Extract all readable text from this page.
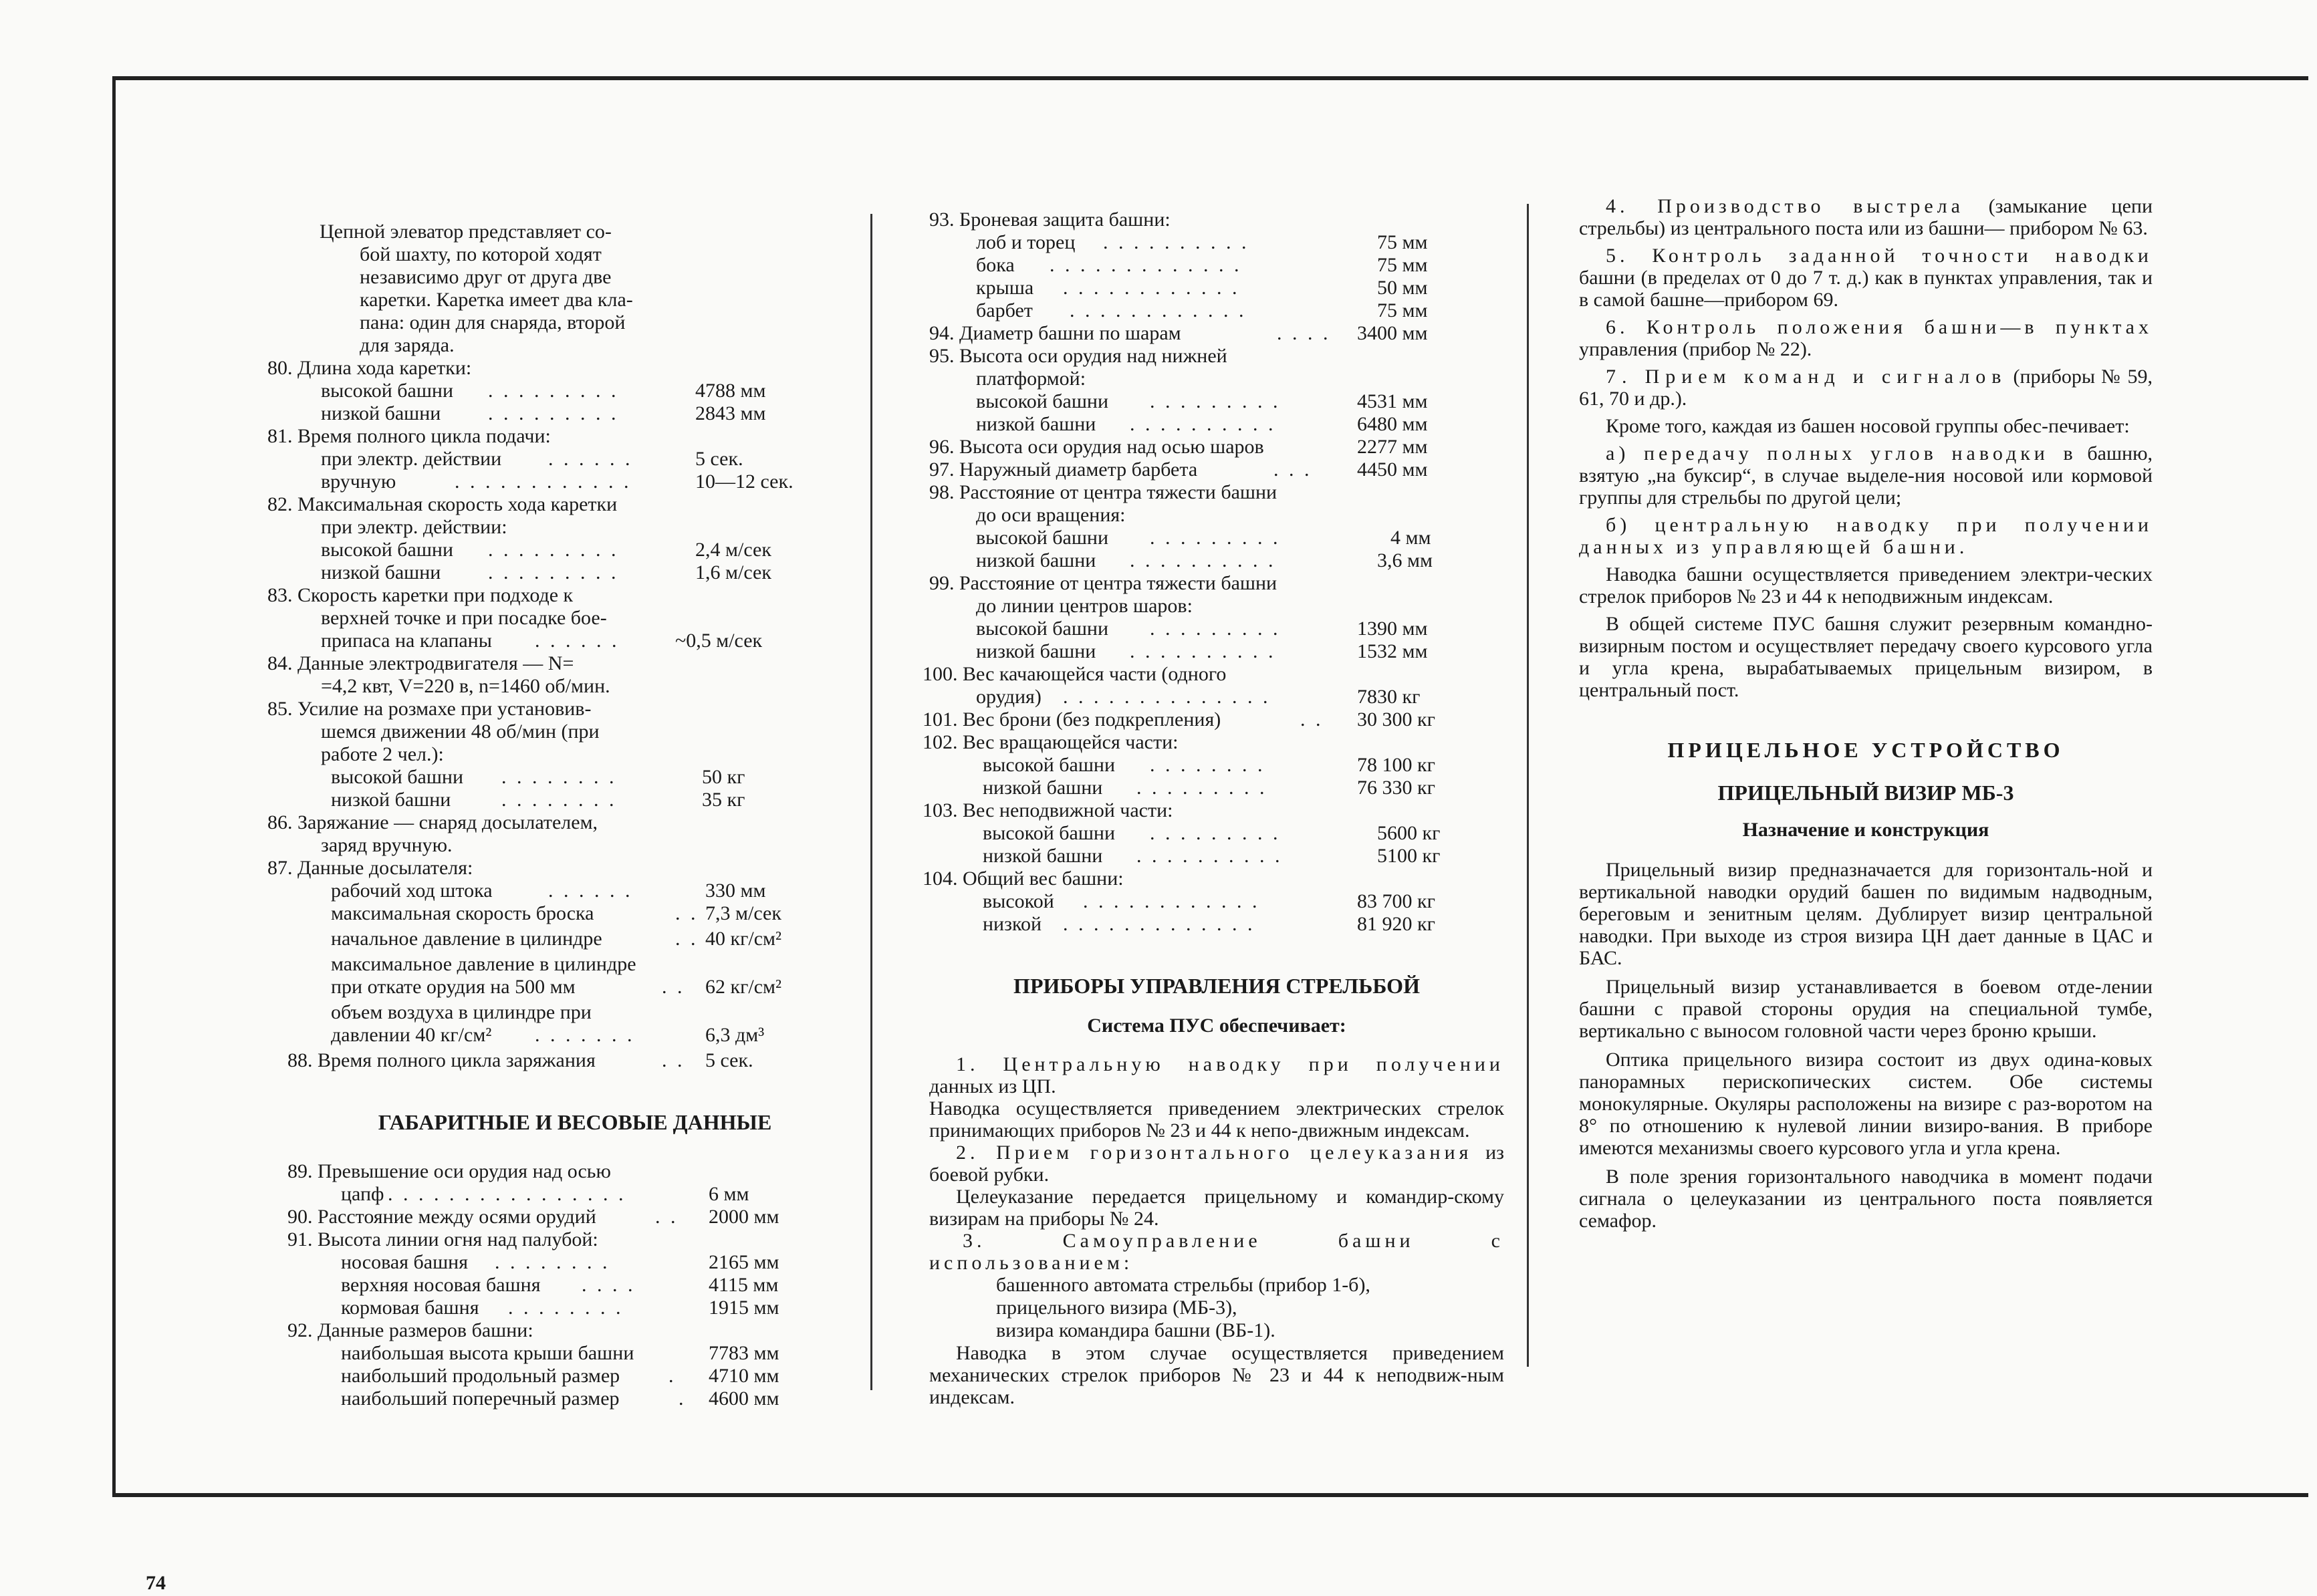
Цепной элеватор представляет со-
бой шахту, по которой ходят
независимо друг от друга две
каретки. Каретка имеет два кла-
пана: один для снаряда, второй
для заряда.
80. Длина хода каретки:
высокой башни . . . . . . . . .	4788 мм
низкой башни . . . . . . . . .	2843 мм
81. Время полного цикла подачи:
при электр. действии . . . . . .	5 сек.
вручную	. . . . . . . . . . . .	10—12 сек.
82. Максимальная скорость хода каретки
при электр. действии:
высокой башни . . . . . . . . .	2,4 м/сек
низкой башни . . . . . . . . .	1,6 м/сек
83. Скорость каретки при подходе к
верхней точке и при посадке бое-
припаса на клапаны . . . . . .	~0,5 м/сек
84. Данные электродвигателя — N=
=4,2 квт, V=220 в, n=1460 об/мин.
85. Усилие на розмахе при установив-
шемся движении 48 об/мин (при
работе 2 чел.):
высокой башни . . . . . . . .	50 кг
низкой башни	. . . . . . . .	35 кг
86. Заряжание — снаряд досылателем,
заряд вручную.
87. Данные досылателя:
рабочий ход штока	. . . . . .	330 мм
максимальная скорость броска	. . 7,3 м/сек
начальное давление в цилиндре	. . 40 кг/см²
максимальное давление в цилиндре
при откате орудия на 500 мм	. . 62 кг/см²
объем воздуха в цилиндре при
давлении 40 кг/см² . . . . . . .	6,3 дм³
88. Время полного цикла заряжания	. . 5 сек.
ГАБАРИТНЫЕ И ВЕСОВЫЕ ДАННЫЕ
89. Превышение оси орудия над осью
цапф . . . . . . . . . . . . . . . .	6 мм
90. Расстояние между осями орудий	. . 2000 мм
91. Высота линии огня над палубой:
носовая башня . . . . . . . .	2165 мм
верхняя носовая башня . . . .	4115 мм
кормовая башня . . . . . . . .	1915 мм
92. Данные размеров башни:
наибольшая высота крыши башни	7783 мм
наибольший продольный размер . 4710 мм
наибольший поперечный размер	. 4600 мм
93. Броневая защита башни:
лоб и торец . . . . . . . . . .	75 мм
бока . . . . . . . . . . . . .	75 мм
крыша . . . . . . . . . . . .	50 мм
барбет . . . . . . . . . . . .	75 мм
94. Диаметр башни по шарам	. . . . 3400 мм
95. Высота оси орудия над нижней
платформой:
высокой башни . . . . . . . . .	4531 мм
низкой башни . . . . . . . . . .	6480 мм
96. Высота оси орудия над осью шаров	2277 мм
97. Наружный диаметр барбета	. . . 4450 мм
98. Расстояние от центра тяжести башни
до оси вращения:
высокой башни . . . . . . . . .	4 мм
низкой башни . . . . . . . . . .	3,6 мм
99. Расстояние от центра тяжести башни
до линии центров шаров:
высокой башни . . . . . . . . .	1390 мм
низкой башни . . . . . . . . . .	1532 мм
100. Вес качающейся части (одного
орудия) . . . . . . . . . . . . . .	7830 кг
101. Вес брони (без подкрепления)	. . 30 300 кг
102. Вес вращающейся части:
высокой башни . . . . . . . .	78 100 кг
низкой башни . . . . . . . . .	76 330 кг
103. Вес неподвижной части:
высокой башни . . . . . . . . .	5600 кг
низкой башни . . . . . . . . . .	5100 кг
104. Общий вес башни:
высокой . . . . . . . . . . . .	83 700 кг
низкой . . . . . . . . . . . . .	81 920 кг
ПРИБОРЫ УПРАВЛЕНИЯ СТРЕЛЬБОЙ
Система ПУС обеспечивает:
1. Центральную наводку при получении данных из ЦП.
Наводка осуществляется приведением электрических стрелок принимающих приборов № 23 и 44 к непо-движным индексам.
2. Прием горизонтального целеуказания из боевой рубки.
Целеуказание передается прицельному и командир-скому визирам на приборы № 24.
3. Самоуправление башни с использованием:
башенного автомата стрельбы (прибор 1-б),
прицельного визира (МБ-3),
визира командира башни (ВБ-1).
Наводка в этом случае осуществляется приведением механических стрелок приборов № 23 и 44 к неподвиж-ным индексам.
4. Производство выстрела (замыкание цепи стрельбы) из центрального поста или из башни— прибором № 63.
5. Контроль заданной точности наводки башни (в пределах от 0 до 7 т. д.) как в пунктах управления, так и в самой башне—прибором 69.
6. Контроль положения башни—в пунктах управления (прибор № 22).
7. Прием команд и сигналов (приборы № 59, 61, 70 и др.).
Кроме того, каждая из башен носовой группы обес-печивает:
а) передачу полных углов наводки в башню, взятую „на буксир“, в случае выделе-ния носовой или кормовой группы для стрельбы по другой цели;
б) центральную наводку при получении данных из управляющей башни.
Наводка башни осуществляется приведением электри-ческих стрелок приборов № 23 и 44 к неподвижным индексам.
В общей системе ПУС башня служит резервным командно-визирным постом и осуществляет передачу своего курсового угла и угла крена, вырабатываемых прицельным визиром, в центральный пост.
ПРИЦЕЛЬНОЕ УСТРОЙСТВО
ПРИЦЕЛЬНЫЙ ВИЗИР МБ-3
Назначение и конструкция
Прицельный визир предназначается для горизонталь-ной и вертикальной наводки орудий башен по видимым надводным, береговым и зенитным целям. Дублирует визир центральной наводки. При выходе из строя визира ЦН дает данные в ЦАС и БАС.
Прицельный визир устанавливается в боевом отде-лении башни с правой стороны орудия на специальной тумбе, вертикально с выносом головной части через броню крыши.
Оптика прицельного визира состоит из двух одина-ковых панорамных перископических систем. Обе системы монокулярные. Окуляры расположены на визире с раз-воротом на 8° по отношению к нулевой линии визиро-вания. В приборе имеются механизмы своего курсового угла и угла крена.
В поле зрения горизонтального наводчика в момент подачи сигнала о целеуказании из центрального поста появляется семафор.
74
